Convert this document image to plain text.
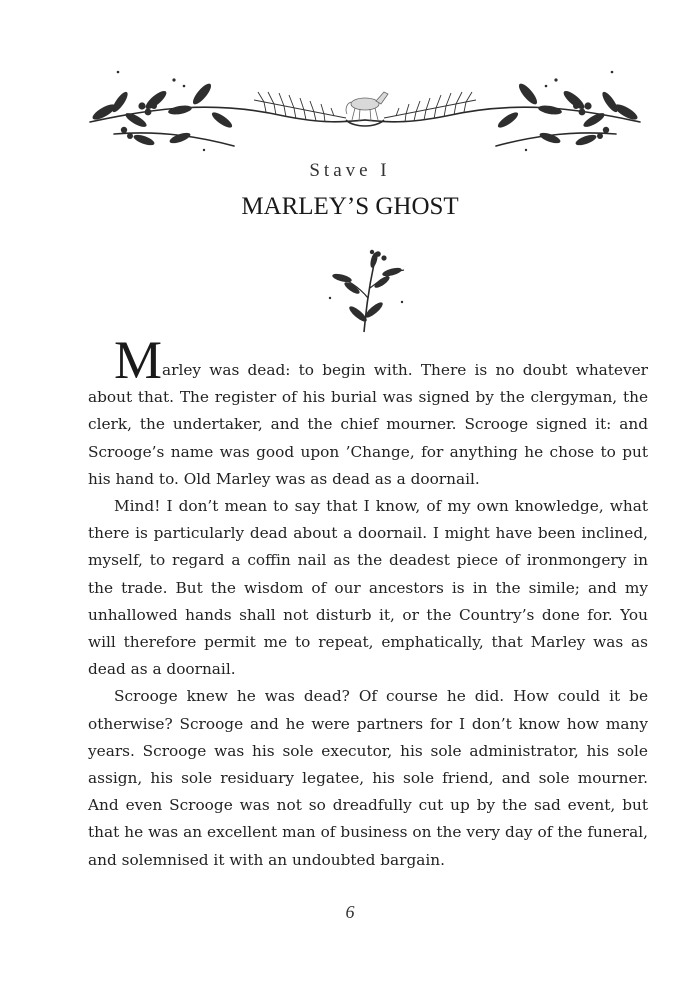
Stave I
MARLEY’S GHOST

Marley was dead: to begin with. There is no doubt whatever about that. The register of his burial was signed by the clergyman, the clerk, the undertaker, and the chief mourner. Scrooge signed it: and Scrooge’s name was good upon ’Change, for anything he chose to put his hand to. Old Marley was as dead as a doornail.

Mind! I don’t mean to say that I know, of my own knowledge, what there is particularly dead about a doornail. I might have been inclined, myself, to regard a coffin nail as the deadest piece of ironmongery in the trade. But the wisdom of our ancestors is in the simile; and my unhallowed hands shall not disturb it, or the Country’s done for. You will therefore permit me to repeat, emphatically, that Marley was as dead as a doornail.

Scrooge knew he was dead? Of course he did. How could it be otherwise? Scrooge and he were partners for I don’t know how many years. Scrooge was his sole executor, his sole administrator, his sole assign, his sole residuary legatee, his sole friend, and sole mourner. And even Scrooge was not so dreadfully cut up by the sad event, but that he was an excellent man of business on the very day of the funeral, and solemnised it with an undoubted bargain.

6
